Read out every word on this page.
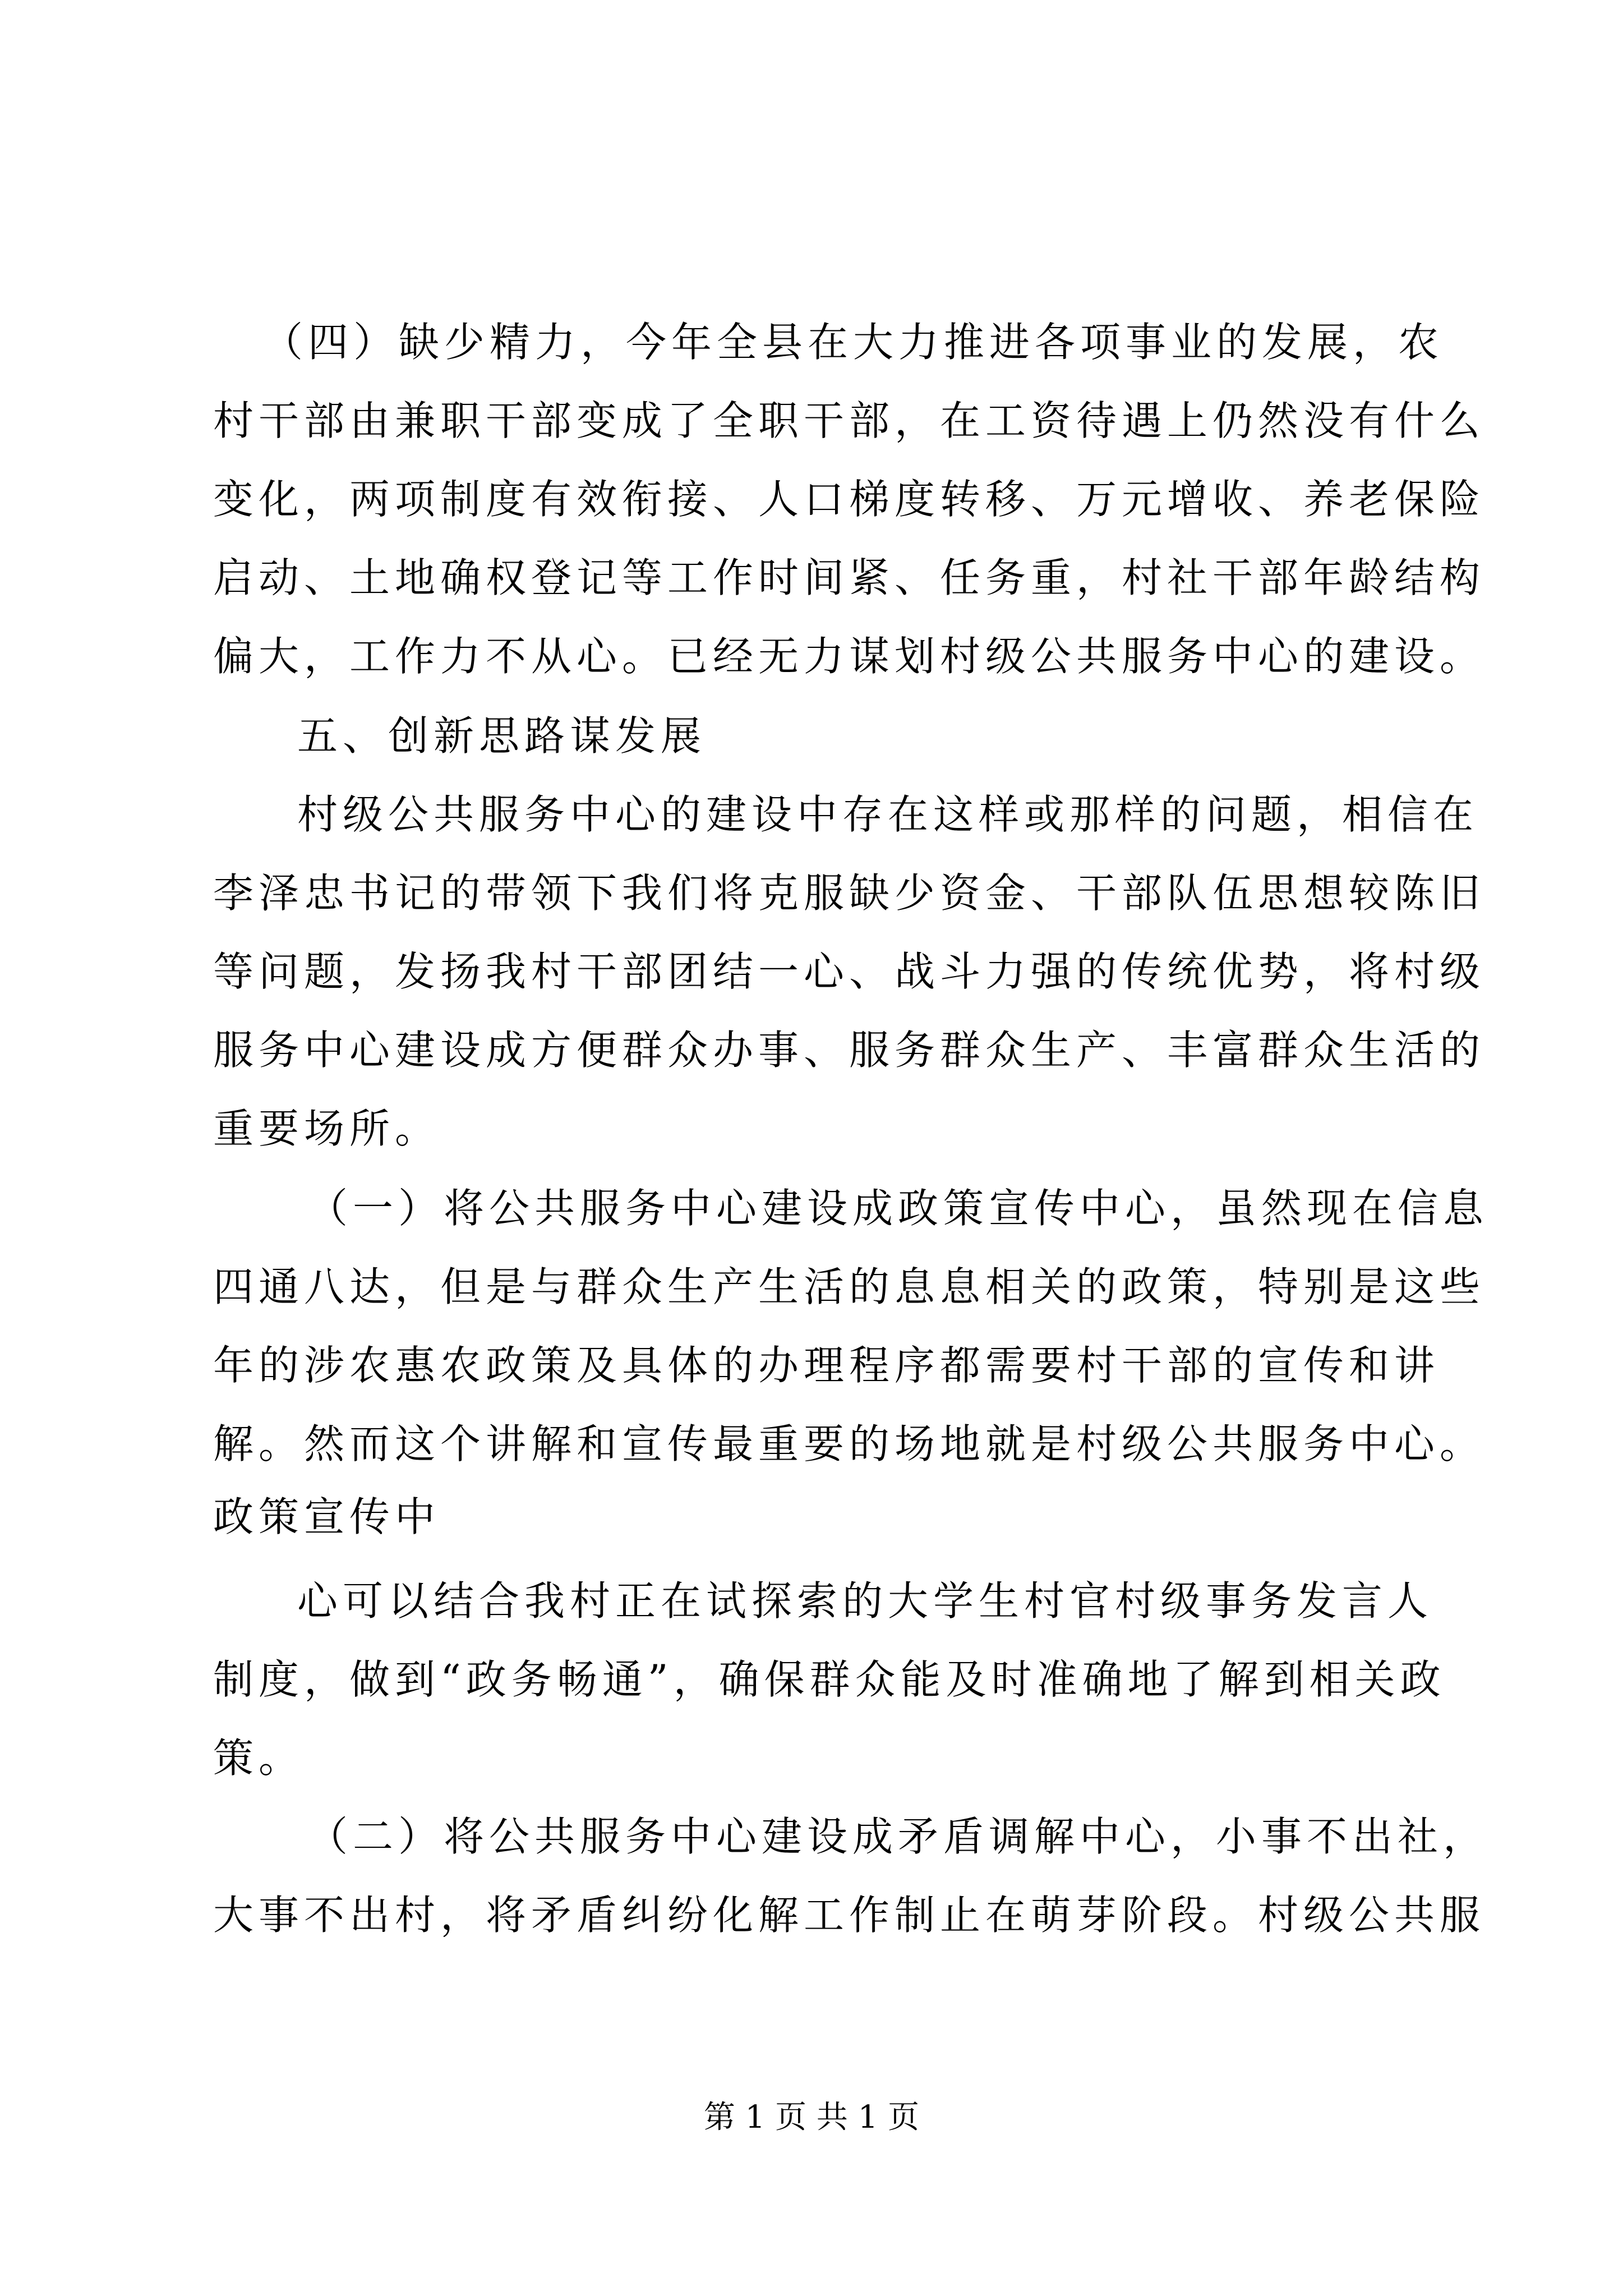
（四）缺少精力，今年全县在大力推进各项事业的发展，农
村干部由兼职干部变成了全职干部，在工资待遇上仍然没有什么
变化，两项制度有效衔接、人口梯度转移、万元增收、养老保险
启动、土地确权登记等工作时间紧、任务重，村社干部年龄结构
偏大，工作力不从心。已经无力谋划村级公共服务中心的建设。
五、创新思路谋发展
村级公共服务中心的建设中存在这样或那样的问题，相信在
李泽忠书记的带领下我们将克服缺少资金、干部队伍思想较陈旧
等问题，发扬我村干部团结一心、战斗力强的传统优势，将村级
服务中心建设成方便群众办事、服务群众生产、丰富群众生活的
重要场所。
（一）将公共服务中心建设成政策宣传中心，虽然现在信息
四通八达，但是与群众生产生活的息息相关的政策，特别是这些
年的涉农惠农政策及具体的办理程序都需要村干部的宣传和讲
解。然而这个讲解和宣传最重要的场地就是村级公共服务中心。
政策宣传中
心可以结合我村正在试探索的大学生村官村级事务发言人
制度，做到“政务畅通”，确保群众能及时准确地了解到相关政
策。
（二）将公共服务中心建设成矛盾调解中心，小事不出社，
大事不出村，将矛盾纠纷化解工作制止在萌芽阶段。村级公共服
第 1 页 共 1 页
